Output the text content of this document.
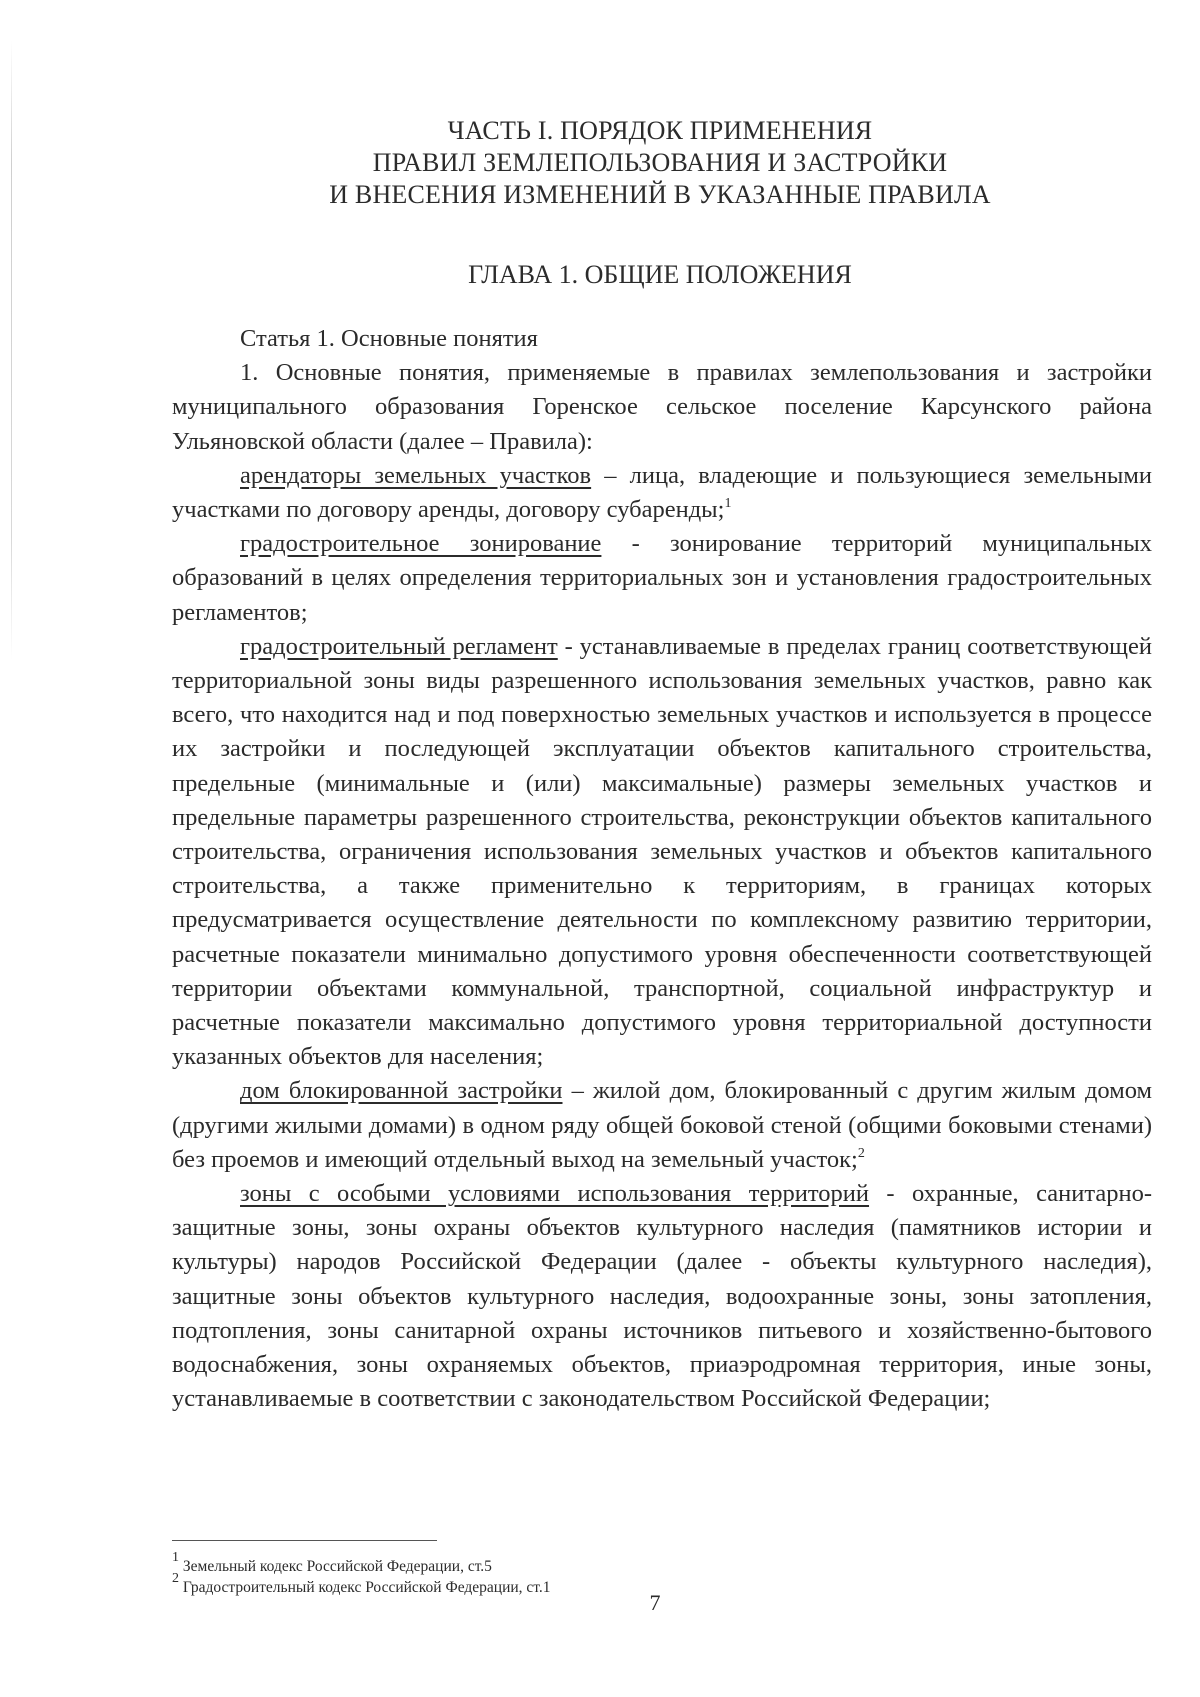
ЧАСТЬ I. ПОРЯДОК ПРИМЕНЕНИЯ
ПРАВИЛ ЗЕМЛЕПОЛЬЗОВАНИЯ И ЗАСТРОЙКИ
И ВНЕСЕНИЯ ИЗМЕНЕНИЙ В УКАЗАННЫЕ ПРАВИЛА
ГЛАВА 1. ОБЩИЕ ПОЛОЖЕНИЯ

Статья 1. Основные понятия

1. Основные понятия, применяемые в правилах землепользования и застройки муниципального образования Горенское сельское поселение Карсунского района Ульяновской области (далее – Правила):

арендаторы земельных участков – лица, владеющие и пользующиеся земельными участками по договору аренды, договору субаренды;$^1$

градостроительное зонирование - зонирование территорий муниципальных образований в целях определения территориальных зон и установления градостроительных регламентов;

градостроительный регламент - устанавливаемые в пределах границ соответствующей территориальной зоны виды разрешенного использования земельных участков, равно как всего, что находится над и под поверхностью земельных участков и используется в процессе их застройки и последующей эксплуатации объектов капитального строительства, предельные (минимальные и (или) максимальные) размеры земельных участков и предельные параметры разрешенного строительства, реконструкции объектов капитального строительства, ограничения использования земельных участков и объектов капитального строительства, а также применительно к территориям, в границах которых предусматривается осуществление деятельности по комплексному развитию территории, расчетные показатели минимально допустимого уровня обеспеченности соответствующей территории объектами коммунальной, транспортной, социальной инфраструктур и расчетные показатели максимально допустимого уровня территориальной доступности указанных объектов для населения;

дом блокированной застройки – жилой дом, блокированный с другим жилым домом (другими жилыми домами) в одном ряду общей боковой стеной (общими боковыми стенами) без проемов и имеющий отдельный выход на земельный участок;$^2$

зоны с особыми условиями использования территорий - охранные, санитарно-защитные зоны, зоны охраны объектов культурного наследия (памятников истории и культуры) народов Российской Федерации (далее - объекты культурного наследия), защитные зоны объектов культурного наследия, водоохранные зоны, зоны затопления, подтопления, зоны санитарной охраны источников питьевого и хозяйственно-бытового водоснабжения, зоны охраняемых объектов, приаэродромная территория, иные зоны, устанавливаемые в соответствии с законодательством Российской Федерации;

$^1$ Земельный кодекс Российской Федерации, ст.5

$^2$ Градостроительный кодекс Российской Федерации, ст.1

7
